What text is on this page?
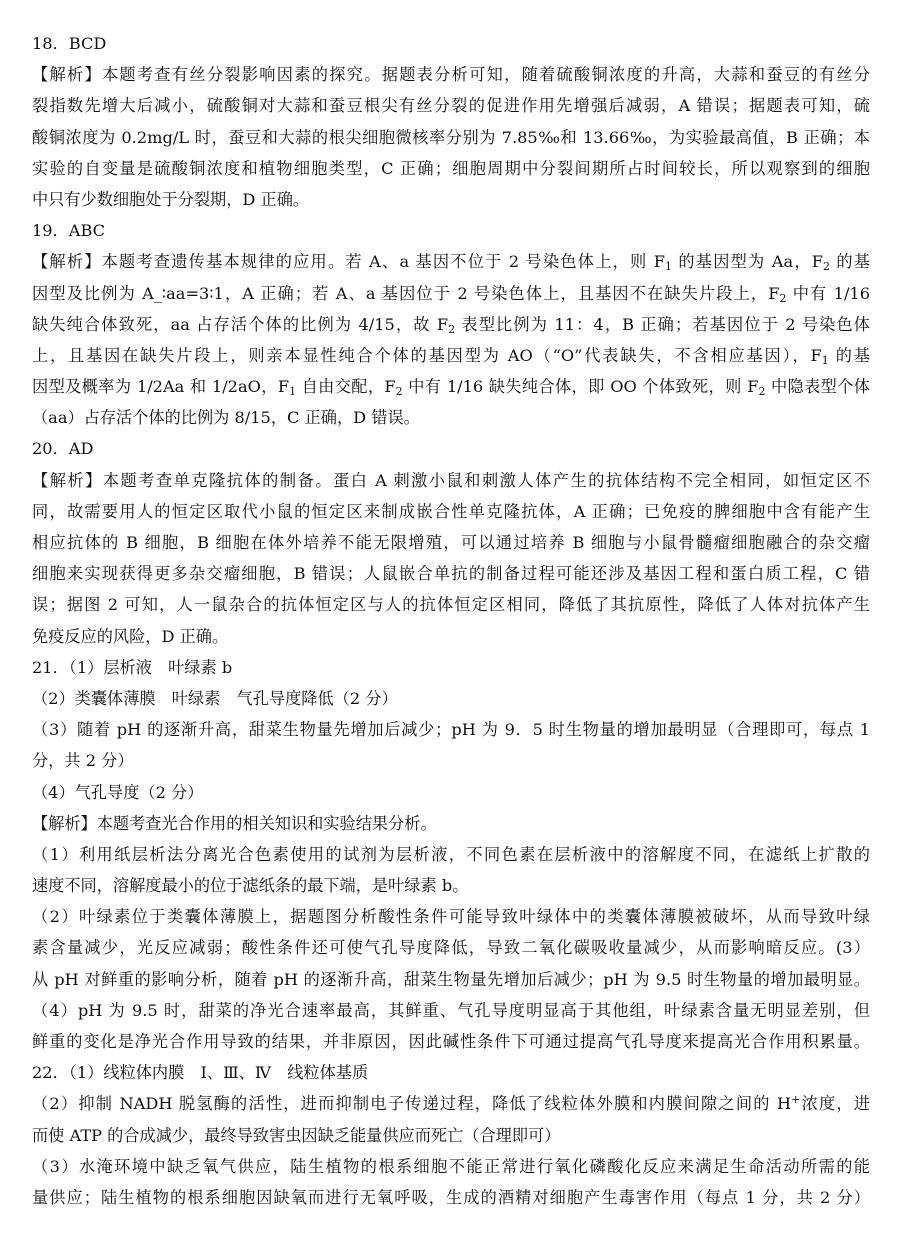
18．BCD
【解析】本题考查有丝分裂影响因素的探究。据题表分析可知，随着硫酸铜浓度的升高，大蒜和蚕豆的有丝分
裂指数先增大后减小，硫酸铜对大蒜和蚕豆根尖有丝分裂的促进作用先增强后减弱，A 错误；据题表可知，硫
酸铜浓度为 0.2mg/L 时，蚕豆和大蒜的根尖细胞微核率分别为 7.85‰和 13.66‰，为实验最高值，B 正确；本
实验的自变量是硫酸铜浓度和植物细胞类型，C 正确；细胞周期中分裂间期所占时间较长，所以观察到的细胞
中只有少数细胞处于分裂期，D 正确。
19．ABC
【解析】本题考查遗传基本规律的应用。若 A、a 基因不位于 2 号染色体上，则 $F_1$ 的基因型为 Aa，$F_2$ 的基
因型及比例为 A_∶aa=3∶1，A 正确；若 A、a 基因位于 2 号染色体上，且基因不在缺失片段上，$F_2$ 中有 1/16
缺失纯合体致死，aa 占存活个体的比例为 4/15，故 $F_2$ 表型比例为 11：4，B 正确；若基因位于 2 号染色体
上，且基因在缺失片段上，则亲本显性纯合个体的基因型为 AO（“O”代表缺失，不含相应基因），$F_1$ 的基
因型及概率为 1/2Aa 和 1/2aO，$F_1$ 自由交配，$F_2$ 中有 1/16 缺失纯合体，即 OO 个体致死，则 $F_2$ 中隐表型个体
（aa）占存活个体的比例为 8/15，C 正确，D 错误。
20．AD
【解析】本题考查单克隆抗体的制备。蛋白 A 刺激小鼠和刺激人体产生的抗体结构不完全相同，如恒定区不
同，故需要用人的恒定区取代小鼠的恒定区来制成嵌合性单克隆抗体，A 正确；已免疫的脾细胞中含有能产生
相应抗体的 B 细胞，B 细胞在体外培养不能无限增殖，可以通过培养 B 细胞与小鼠骨髓瘤细胞融合的杂交瘤
细胞来实现获得更多杂交瘤细胞，B 错误；人鼠嵌合单抗的制备过程可能还涉及基因工程和蛋白质工程，C 错
误；据图 2 可知，人一鼠杂合的抗体恒定区与人的抗体恒定区相同，降低了其抗原性，降低了人体对抗体产生
免疫反应的风险，D 正确。
21．（1）层析液　叶绿素 b
（2）类囊体薄膜　叶绿素　气孔导度降低（2 分）
（3）随着 pH 的逐渐升高，甜菜生物量先增加后减少；pH 为 9．5 时生物量的增加最明显（合理即可，每点 1
分，共 2 分）
（4）气孔导度（2 分）
【解析】本题考查光合作用的相关知识和实验结果分析。
（1）利用纸层析法分离光合色素使用的试剂为层析液，不同色素在层析液中的溶解度不同，在滤纸上扩散的
速度不同，溶解度最小的位于滤纸条的最下端，是叶绿素 b。
（2）叶绿素位于类囊体薄膜上，据题图分析酸性条件可能导致叶绿体中的类囊体薄膜被破坏，从而导致叶绿
素含量减少，光反应减弱；酸性条件还可使气孔导度降低，导致二氧化碳吸收量减少，从而影响暗反应。(3）
从 pH 对鲜重的影响分析，随着 pH 的逐渐升高，甜菜生物量先增加后减少；pH 为 9.5 时生物量的增加最明显。
（4）pH 为 9.5 时，甜菜的净光合速率最高，其鲜重、气孔导度明显高于其他组，叶绿素含量无明显差别，但
鲜重的变化是净光合作用导致的结果，并非原因，因此碱性条件下可通过提高气孔导度来提高光合作用积累量。
22．（1）线粒体内膜　Ⅰ、Ⅲ、Ⅳ　线粒体基质
（2）抑制 NADH 脱氢酶的活性，进而抑制电子传递过程，降低了线粒体外膜和内膜间隙之间的 H+浓度，进
而使 ATP 的合成减少，最终导致害虫因缺乏能量供应而死亡（合理即可）
（3）水淹环境中缺乏氧气供应，陆生植物的根系细胞不能正常进行氧化磷酸化反应来满足生命活动所需的能
量供应；陆生植物的根系细胞因缺氧而进行无氧呼吸，生成的酒精对细胞产生毒害作用（每点 1 分，共 2 分）
